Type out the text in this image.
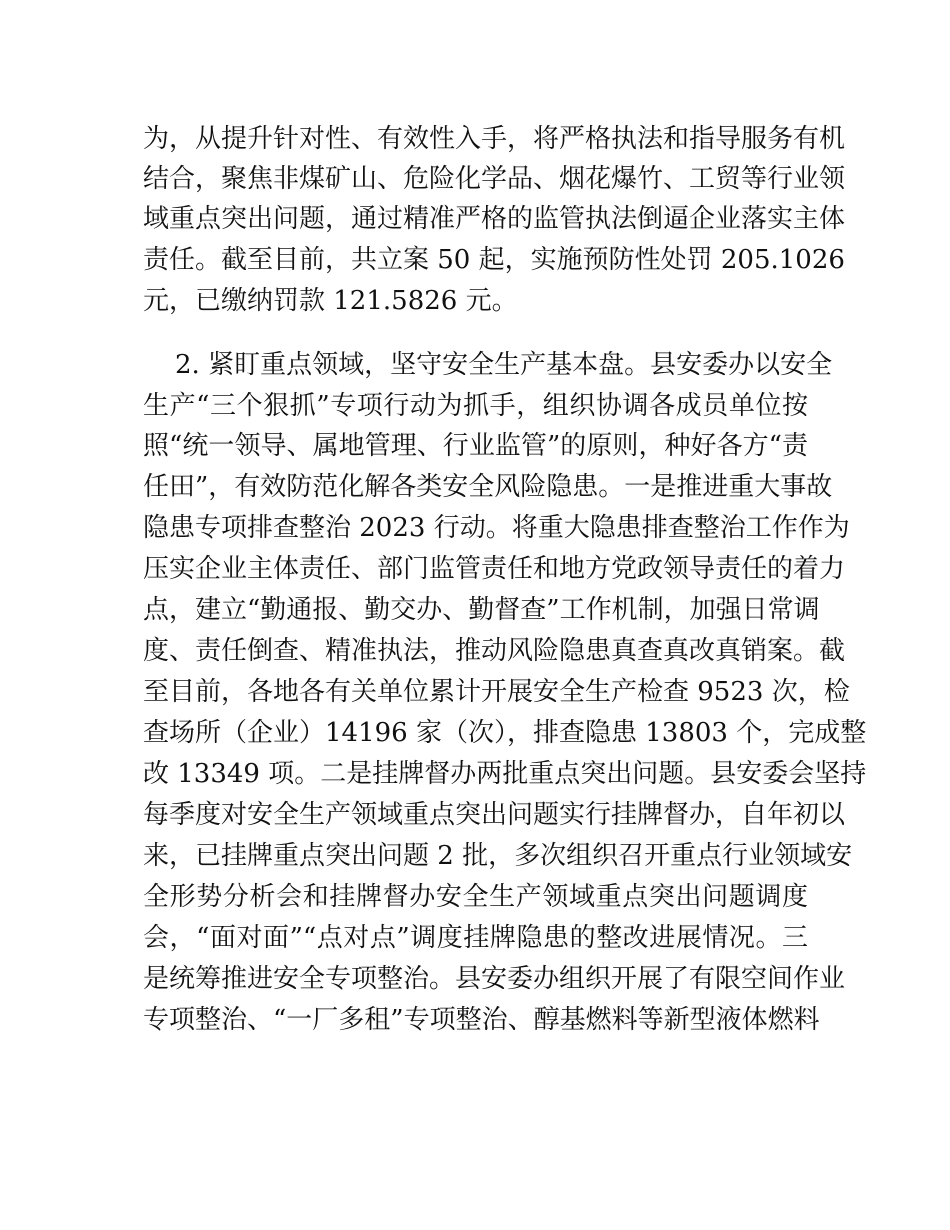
为，从提升针对性、有效性入手，将严格执法和指导服务有机
结合，聚焦非煤矿山、危险化学品、烟花爆竹、工贸等行业领
域重点突出问题，通过精准严格的监管执法倒逼企业落实主体
责任。截至目前，共立案 50 起，实施预防性处罚 205.1026
元，已缴纳罚款 121.5826 元。
2. 紧盯重点领域，坚守安全生产基本盘。县安委办以安全
生产“三个狠抓”专项行动为抓手，组织协调各成员单位按
照“统一领导、属地管理、行业监管”的原则，种好各方“责
任田”，有效防范化解各类安全风险隐患。一是推进重大事故
隐患专项排查整治 2023 行动。将重大隐患排查整治工作作为
压实企业主体责任、部门监管责任和地方党政领导责任的着力
点，建立“勤通报、勤交办、勤督查”工作机制，加强日常调
度、责任倒查、精准执法，推动风险隐患真查真改真销案。截
至目前，各地各有关单位累计开展安全生产检查 9523 次，检
查场所（企业）14196 家（次），排查隐患 13803 个，完成整
改 13349 项。二是挂牌督办两批重点突出问题。县安委会坚持
每季度对安全生产领域重点突出问题实行挂牌督办，自年初以
来，已挂牌重点突出问题 2 批，多次组织召开重点行业领域安
全形势分析会和挂牌督办安全生产领域重点突出问题调度
会，“面对面”“点对点”调度挂牌隐患的整改进展情况。三
是统筹推进安全专项整治。县安委办组织开展了有限空间作业
专项整治、“一厂多租”专项整治、醇基燃料等新型液体燃料
